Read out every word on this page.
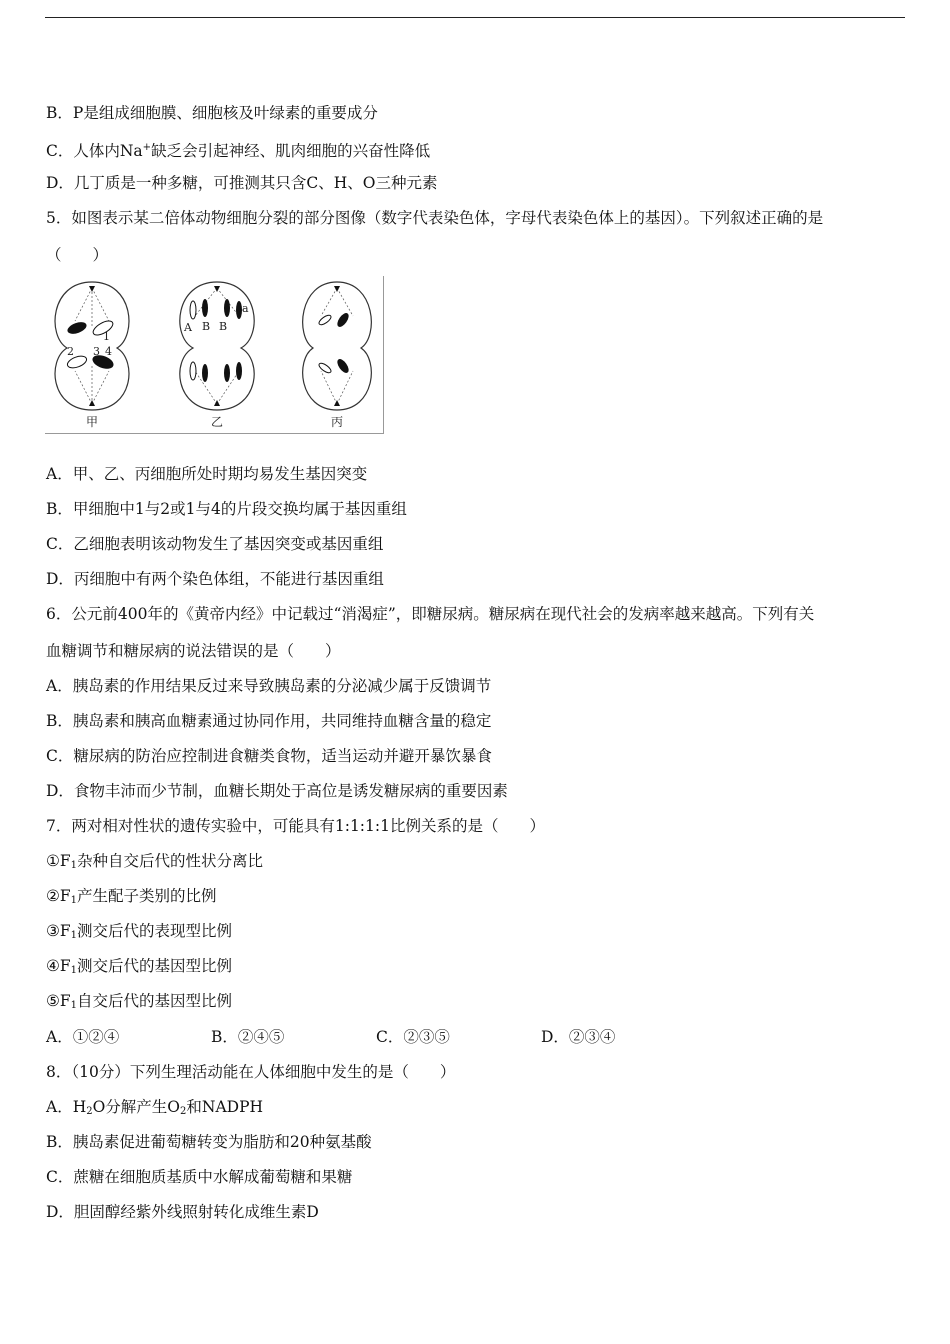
B．P是组成细胞膜、细胞核及叶绿素的重要成分
C．人体内Na+缺乏会引起神经、肌肉细胞的兴奋性降低
D．几丁质是一种多糖，可推测其只含C、H、O三种元素
5．如图表示某二倍体动物细胞分裂的部分图像（数字代表染色体，字母代表染色体上的基因）。下列叙述正确的是
（　　）
1
2 3 4
A B B
a
甲	乙	丙
A．甲、乙、丙细胞所处时期均易发生基因突变
B．甲细胞中1与2或1与4的片段交换均属于基因重组
C．乙细胞表明该动物发生了基因突变或基因重组
D．丙细胞中有两个染色体组，不能进行基因重组
6．公元前400年的《黄帝内经》中记载过“消渴症”，即糖尿病。糖尿病在现代社会的发病率越来越高。下列有关
血糖调节和糖尿病的说法错误的是（　　）
A．胰岛素的作用结果反过来导致胰岛素的分泌减少属于反馈调节
B．胰岛素和胰高血糖素通过协同作用，共同维持血糖含量的稳定
C．糖尿病的防治应控制进食糖类食物，适当运动并避开暴饮暴食
D．食物丰沛而少节制，血糖长期处于高位是诱发糖尿病的重要因素
7．两对相对性状的遗传实验中，可能具有1:1:1:1比例关系的是（　　）
$①F_1$杂种自交后代的性状分离比
$②F_1$产生配子类别的比例
$③F_1$测交后代的表现型比例
$④F_1$测交后代的基因型比例
$⑤F_1$自交后代的基因型比例
A．①②④	B．②④⑤	C．②③⑤	D．②③④
8．（10分）下列生理活动能在人体细胞中发生的是（　　）
A．$H_2O$分解产生$O_2$和NADPH
B．胰岛素促进葡萄糖转变为脂肪和20种氨基酸
C．蔗糖在细胞质基质中水解成葡萄糖和果糖
D．胆固醇经紫外线照射转化成维生素D
